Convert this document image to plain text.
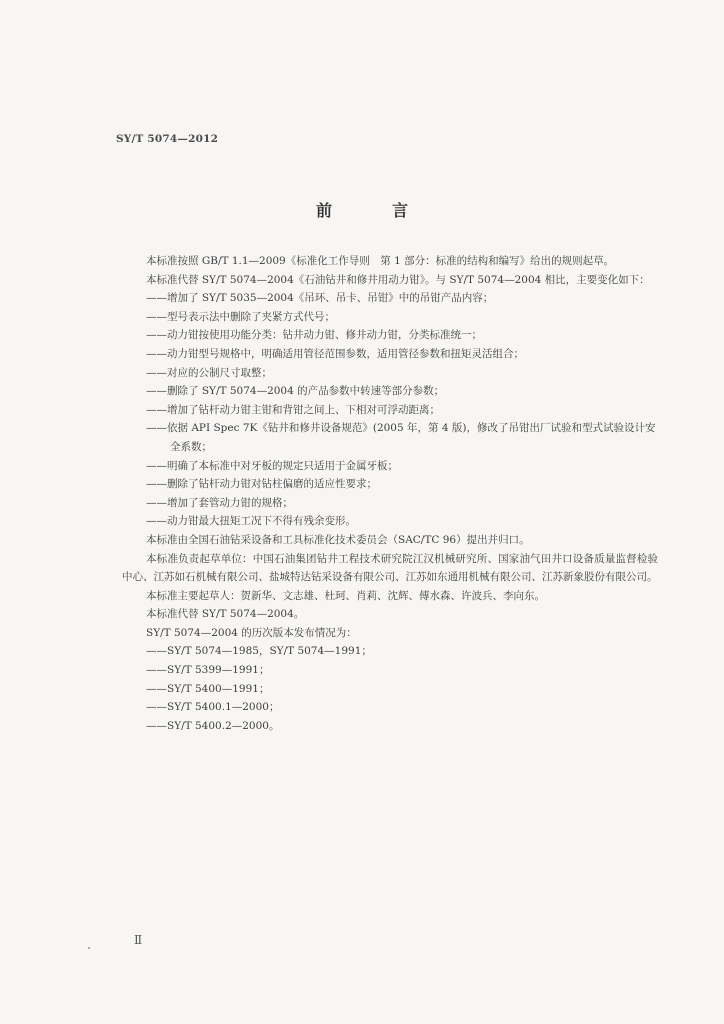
SY/T 5074—2012
前　言

本标准按照 GB/T 1.1—2009《标准化工作导则　第 1 部分：标准的结构和编写》给出的规则起草。

本标准代替 SY/T 5074—2004《石油钻井和修井用动力钳》。与 SY/T 5074—2004 相比，主要变化如下：

——增加了 SY/T 5035—2004《吊环、吊卡、吊钳》中的吊钳产品内容；

——型号表示法中删除了夹紧方式代号；

——动力钳按使用功能分类：钻井动力钳、修井动力钳，分类标准统一；

——动力钳型号规格中，明确适用管径范围参数，适用管径参数和扭矩灵活组合；

——对应的公制尺寸取整；

——删除了 SY/T 5074—2004 的产品参数中转速等部分参数；

——增加了钻杆动力钳主钳和背钳之间上、下相对可浮动距离；

——依据 API Spec 7K《钻井和修井设备规范》(2005 年，第 4 版)，修改了吊钳出厂试验和型式试验设计安全系数；

——明确了本标准中对牙板的规定只适用于金属牙板；

——删除了钻杆动力钳对钻柱偏磨的适应性要求；

——增加了套管动力钳的规格；

——动力钳最大扭矩工况下不得有残余变形。

本标准由全国石油钻采设备和工具标准化技术委员会（SAC/TC 96）提出并归口。

本标准负责起草单位：中国石油集团钻井工程技术研究院江汉机械研究所、国家油气田井口设备质量监督检验中心、江苏如石机械有限公司、盐城特达钻采设备有限公司、江苏如东通用机械有限公司、江苏新象股份有限公司。

本标准主要起草人：贺新华、文志雄、杜珂、肖莉、沈辉、傅水森、许波兵、李向东。

本标准代替 SY/T 5074—2004。

SY/T 5074—2004 的历次版本发布情况为：

——SY/T 5074—1985，SY/T 5074—1991；

——SY/T 5399—1991；

——SY/T 5400—1991；

——SY/T 5400.1—2000；

——SY/T 5400.2—2000。

Ⅱ
